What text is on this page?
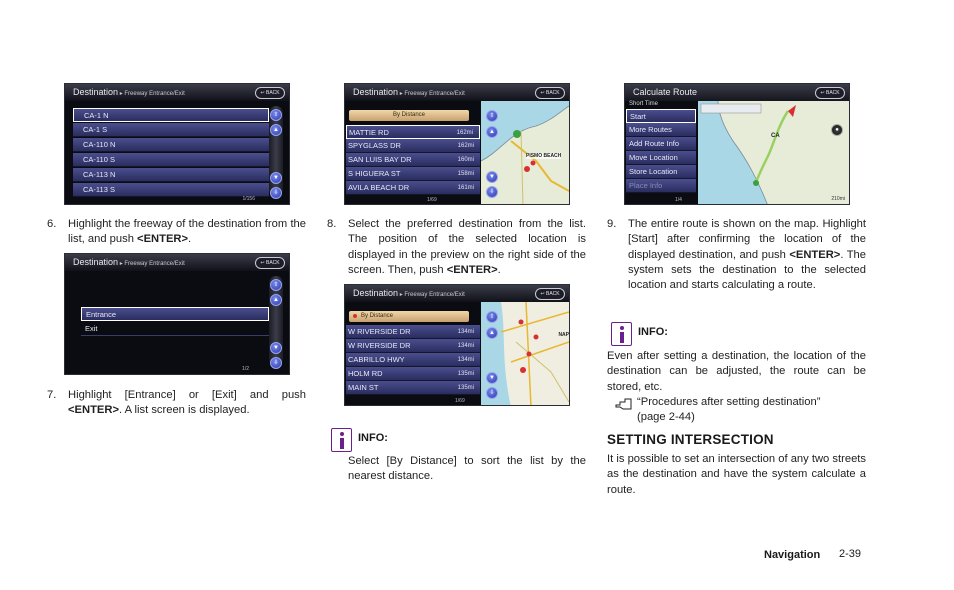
Destination ▸ Freeway Entrance/Exit	↩ BACK
⇧
▲
▼
⇩
CA-1 N
CA-1 S
CA-110 N
CA-110 S
CA-113 N
CA-113 S
1/156
6. Highlight the freeway of the destination from the list, and push <ENTER>.
Destination ▸ Freeway Entrance/Exit	↩ BACK
⇧
▲
▼
⇩
Entrance
Exit
1/2
7. Highlight [Entrance] or [Exit] and push <ENTER>. A list screen is displayed.
Destination ▸ Freeway Entrance/Exit	↩ BACK
PISMO BEACH
⇧
▲
▼
⇩
By Distance
MATTIE RD	162mi
SPYGLASS DR	162mi
SAN LUIS BAY DR	160mi
S HIGUERA ST	158mi
AVILA BEACH DR	161mi
1/69
8. Select the preferred destination from the list. The position of the selected location is displayed in the preview on the right side of the screen. Then, push <ENTER>.
Destination ▸ Freeway Entrance/Exit	↩ BACK
NAP
⇧
▲
▼
⇩
By Distance
W RIVERSIDE DR	134mi
W RIVERSIDE DR	134mi
CABRILLO HWY	134mi
HOLM RD	135mi
MAIN ST	135mi
1/69
INFO:
Select [By Distance] to sort the list by the nearest distance.
Calculate Route	↩ BACK
CA
210mi
●
Short Time
Start
More Routes
Add Route Info
Move Location
Store Location
Place Info
1/4
9. The entire route is shown on the map. Highlight [Start] after confirming the location of the displayed destination, and push <ENTER>. The system sets the destination to the selected location and starts calculating a route.
INFO:
Even after setting a destination, the location of the destination can be adjusted, the route can be stored, etc.
“Procedures after setting destination” (page 2-44)
SETTING INTERSECTION
It is possible to set an intersection of any two streets as the destination and have the system calculate a route.
Navigation 2-39
